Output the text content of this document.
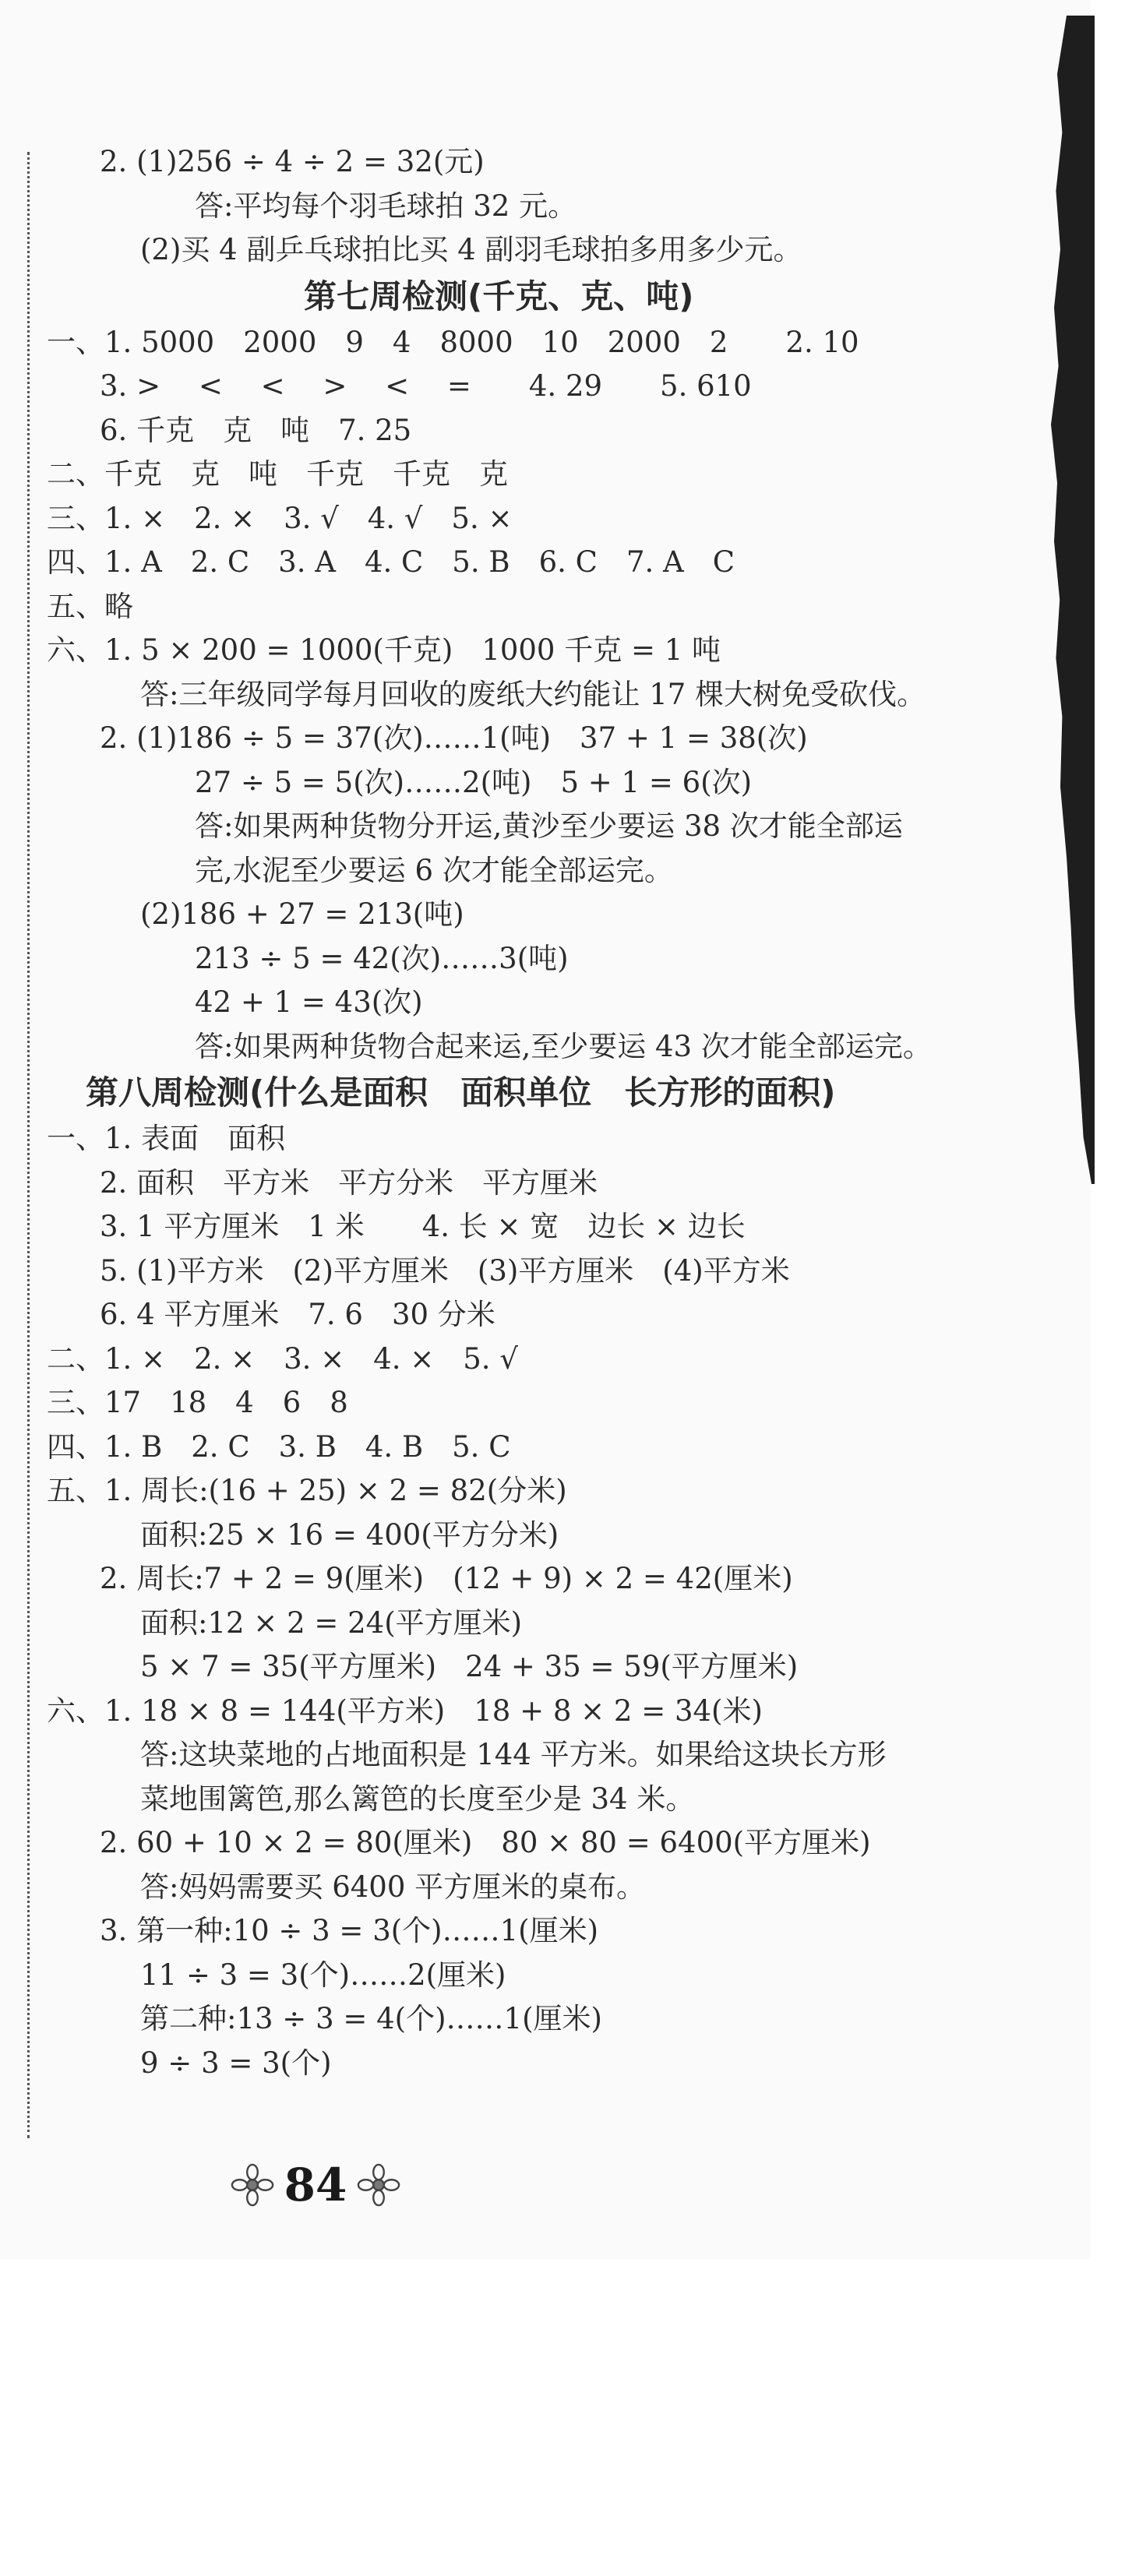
2. (1)256 ÷ 4 ÷ 2 = 32(元)
答:平均每个羽毛球拍 32 元。
(2)买 4 副乒乓球拍比买 4 副羽毛球拍多用多少元。
第七周检测(千克、克、吨)
一、1. 5000　2000　9　4　8000　10　2000　2　　2. 10
3. >　 <　 <　 >　 <　 =　　4. 29　　5. 610
6. 千克　克　吨　7. 25
二、千克　克　吨　千克　千克　克
三、1. ×　2. ×　3. √　4. √　5. ×
四、1. A　2. C　3. A　4. C　5. B　6. C　7. A　C
五、略
六、1. 5 × 200 = 1000(千克)　1000 千克 = 1 吨
答:三年级同学每月回收的废纸大约能让 17 棵大树免受砍伐。
2. (1)186 ÷ 5 = 37(次)……1(吨)　37 + 1 = 38(次)
27 ÷ 5 = 5(次)……2(吨)　5 + 1 = 6(次)
答:如果两种货物分开运,黄沙至少要运 38 次才能全部运
完,水泥至少要运 6 次才能全部运完。
(2)186 + 27 = 213(吨)
213 ÷ 5 = 42(次)……3(吨)
42 + 1 = 43(次)
答:如果两种货物合起来运,至少要运 43 次才能全部运完。
第八周检测(什么是面积　面积单位　长方形的面积)
一、1. 表面　面积
2. 面积　平方米　平方分米　平方厘米
3. 1 平方厘米　1 米　　4. 长 × 宽　边长 × 边长
5. (1)平方米　(2)平方厘米　(3)平方厘米　(4)平方米
6. 4 平方厘米　7. 6　30 分米
二、1. ×　2. ×　3. ×　4. ×　5. √
三、17　18　4　6　8
四、1. B　2. C　3. B　4. B　5. C
五、1. 周长:(16 + 25) × 2 = 82(分米)
面积:25 × 16 = 400(平方分米)
2. 周长:7 + 2 = 9(厘米)　(12 + 9) × 2 = 42(厘米)
面积:12 × 2 = 24(平方厘米)
5 × 7 = 35(平方厘米)　24 + 35 = 59(平方厘米)
六、1. 18 × 8 = 144(平方米)　18 + 8 × 2 = 34(米)
答:这块菜地的占地面积是 144 平方米。如果给这块长方形
菜地围篱笆,那么篱笆的长度至少是 34 米。
2. 60 + 10 × 2 = 80(厘米)　80 × 80 = 6400(平方厘米)
答:妈妈需要买 6400 平方厘米的桌布。
3. 第一种:10 ÷ 3 = 3(个)……1(厘米)
11 ÷ 3 = 3(个)……2(厘米)
第二种:13 ÷ 3 = 4(个)……1(厘米)
9 ÷ 3 = 3(个)
84
